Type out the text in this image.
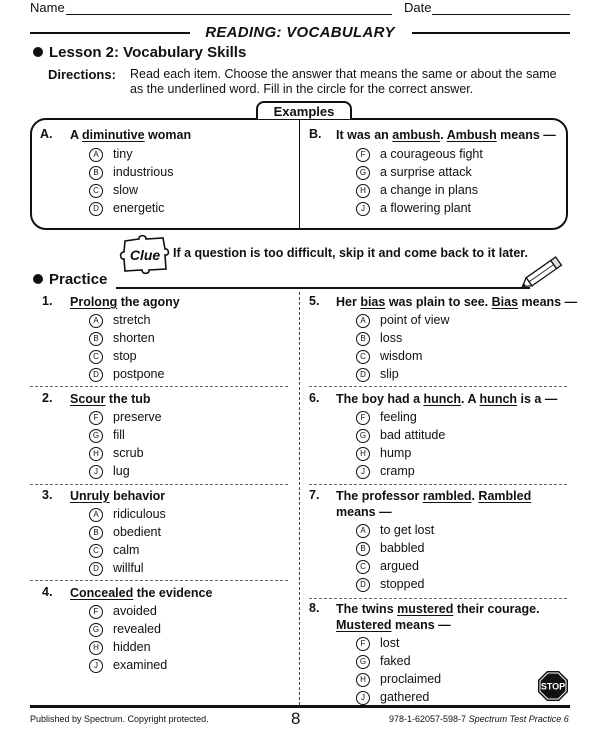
Name	Date
READING: VOCABULARY
Lesson 2: Vocabulary Skills
Directions: Read each item. Choose the answer that means the same or about the same as the underlined word. Fill in the circle for the correct answer.
Examples
A. A diminutive woman
A tiny
B industrious
C slow
D energetic
B. It was an ambush. Ambush means —
F a courageous fight
G a surprise attack
H a change in plans
J a flowering plant
Clue If a question is too difficult, skip it and come back to it later.
Practice
1. Prolong the agony
A stretch
B shorten
C stop
D postpone
2. Scour the tub
F preserve
G fill
H scrub
J lug
3. Unruly behavior
A ridiculous
B obedient
C calm
D willful
4. Concealed the evidence
F avoided
G revealed
H hidden
J examined
5. Her bias was plain to see. Bias means —
A point of view
B loss
C wisdom
D slip
6. The boy had a hunch. A hunch is a —
F feeling
G bad attitude
H hump
J cramp
7. The professor rambled. Rambled
means —
A to get lost
B babbled
C argued
D stopped
8. The twins mustered their courage.
Mustered means —
F lost
G faked
H proclaimed
J gathered
STOP
Published by Spectrum. Copyright protected.	8	978-1-62057-598-7 Spectrum Test Practice 6
